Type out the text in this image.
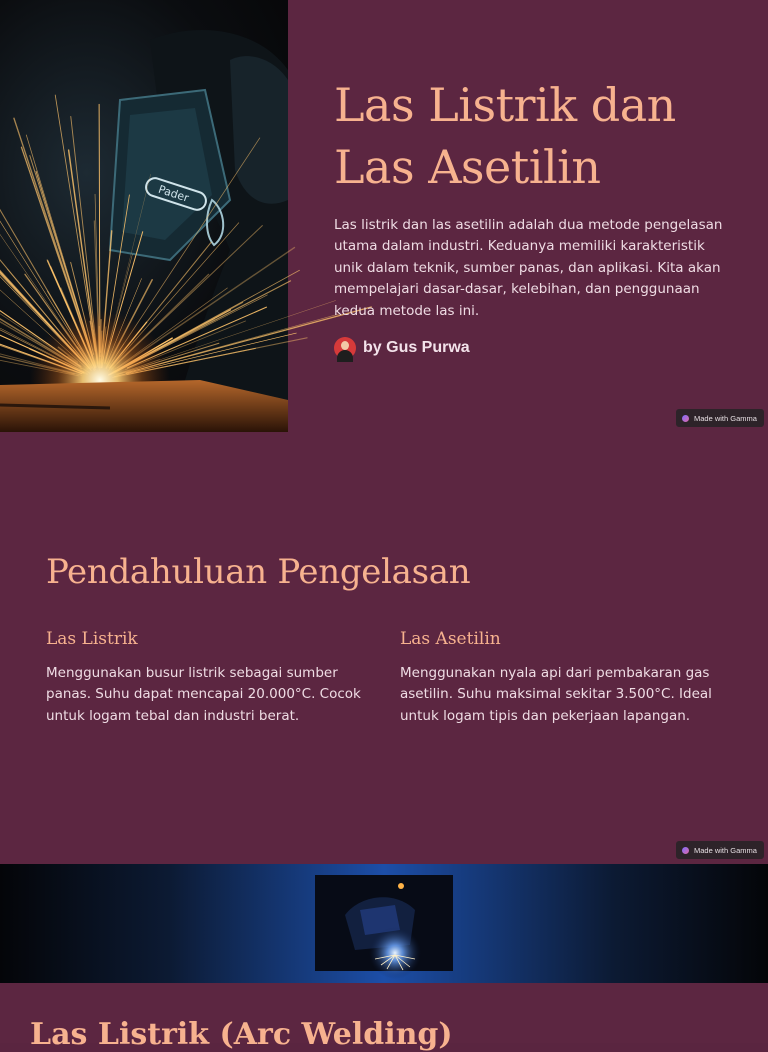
Pader
Las Listrik dan Las Asetilin

Las listrik dan las asetilin adalah dua metode pengelasan utama dalam industri. Keduanya memiliki karakteristik unik dalam teknik, sumber panas, dan aplikasi. Kita akan mempelajari dasar-dasar, kelebihan, dan penggunaan kedua metode las ini.

by Gus Purwa
Made with Gamma
Pendahuluan Pengelasan
Las Listrik

Menggunakan busur listrik sebagai sumber panas. Suhu dapat mencapai 20.000°C. Cocok untuk logam tebal dan industri berat.

Las Asetilin

Menggunakan nyala api dari pembakaran gas asetilin. Suhu maksimal sekitar 3.500°C. Ideal untuk logam tipis dan pekerjaan lapangan.

Made with Gamma
Las Listrik (Arc Welding)
